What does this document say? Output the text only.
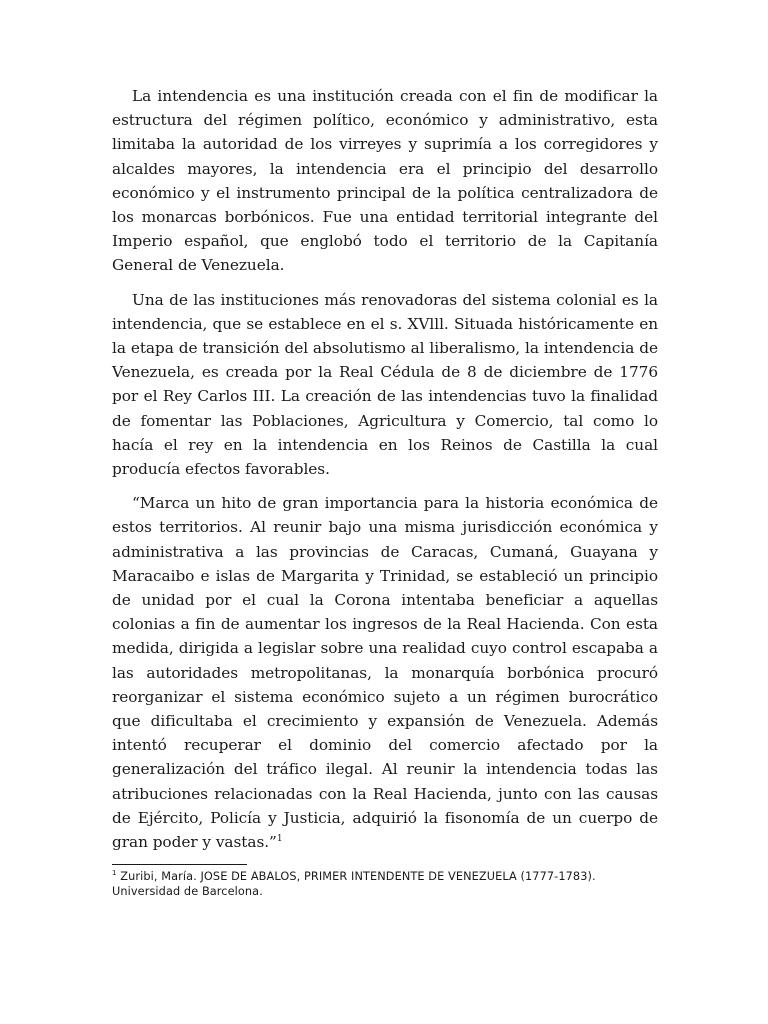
La intendencia es una institución creada con el fin de modificar la estructura del régimen político, económico y administrativo, esta limitaba la autoridad de los virreyes y suprimía a los corregidores y alcaldes mayores, la intendencia era el principio del desarrollo económico y el instrumento principal de la política centralizadora de los monarcas borbónicos. Fue una entidad territorial integrante del Imperio español, que englobó todo el territorio de la Capitanía General de Venezuela.

Una de las instituciones más renovadoras del sistema colonial es la intendencia, que se establece en el s. XVlll. Situada históricamente en la etapa de transición del absolutismo al liberalismo, la intendencia de Venezuela, es creada por la Real Cédula de 8 de diciembre de 1776 por el Rey Carlos III. La creación de las intendencias tuvo la finalidad de fomentar las Poblaciones, Agricultura y Comercio, tal como lo hacía el rey en la intendencia en los Reinos de Castilla la cual producía efectos favorables.

“Marca un hito de gran importancia para la historia económica de estos territorios. Al reunir bajo una misma jurisdicción económica y administrativa a las provincias de Caracas, Cumaná, Guayana y Maracaibo e islas de Margarita y Trinidad, se estableció un principio de unidad por el cual la Corona intentaba beneficiar a aquellas colonias a fin de aumentar los ingresos de la Real Hacienda. Con esta medida, dirigida a legislar sobre una realidad cuyo control escapaba a las autoridades metropolitanas, la monarquía borbónica procuró reorganizar el sistema económico sujeto a un régimen burocrático que dificultaba el crecimiento y expansión de Venezuela. Además intentó recuperar el dominio del comercio afectado por la generalización del tráfico ilegal. Al reunir la intendencia todas las atribuciones relacionadas con la Real Hacienda, junto con las causas de Ejército, Policía y Justicia, adquirió la fisonomía de un cuerpo de gran poder y vastas.”$^1$

$^1$ Zuribi, María. JOSE DE ABALOS, PRIMER INTENDENTE DE VENEZUELA (1777-1783). Universidad de Barcelona.
